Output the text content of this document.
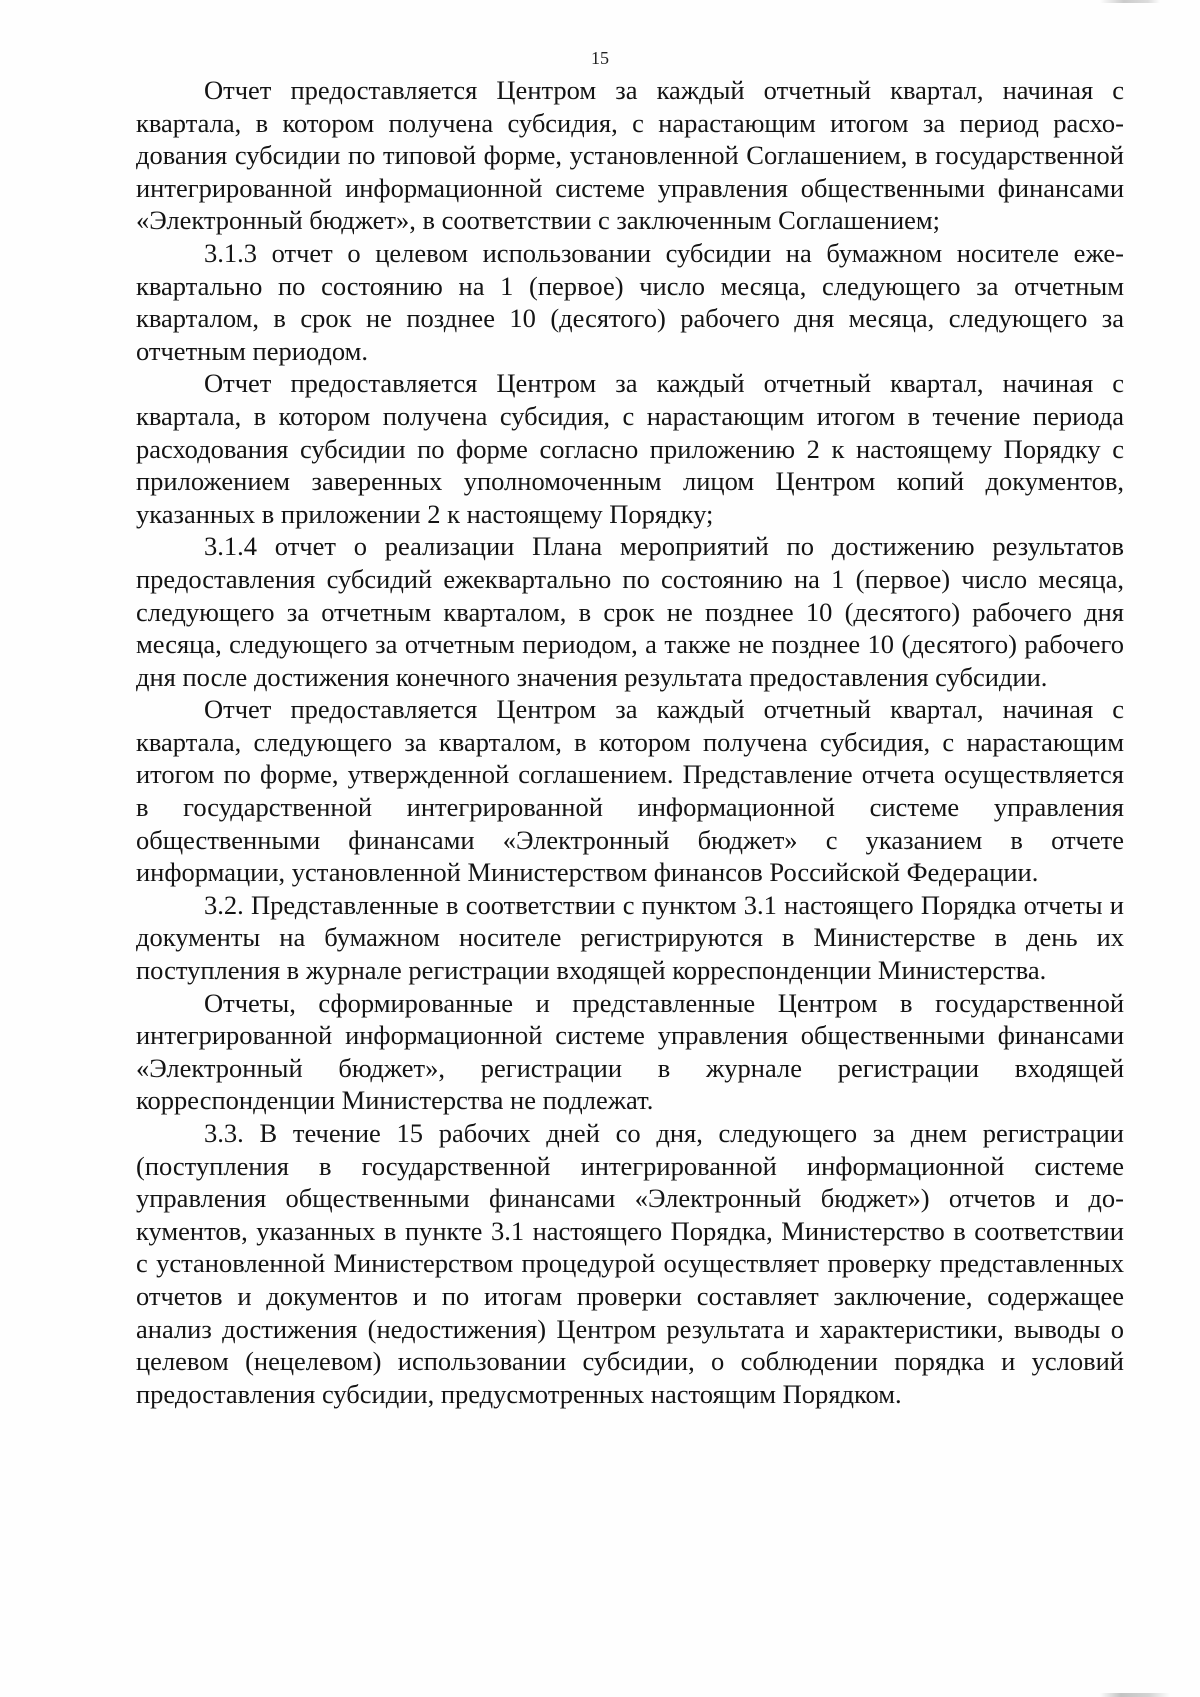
15

Отчет предоставляется Центром за каждый отчетный квартал, начиная с квартала, в котором получена субсидия, с нарастающим итогом за период расходования субсидии по типовой форме, установленной Соглашением, в государственной интегрированной информационной системе управления общественными финансами «Электронный бюджет», в соответствии с заключенным Соглашением;

3.1.3 отчет о целевом использовании субсидии на бумажном носителе ежеквартально по состоянию на 1 (первое) число месяца, следующего за отчетным кварталом, в срок не позднее 10 (десятого) рабочего дня месяца, следующего за отчетным периодом.

Отчет предоставляется Центром за каждый отчетный квартал, начиная с квартала, в котором получена субсидия, с нарастающим итогом в течение периода расходования субсидии по форме согласно приложению 2 к настоящему Порядку с приложением заверенных уполномоченным лицом Центром копий документов, указанных в приложении 2 к настоящему Порядку;

3.1.4 отчет о реализации Плана мероприятий по достижению результатов предоставления субсидий ежеквартально по состоянию на 1 (первое) число месяца, следующего за отчетным кварталом, в срок не позднее 10 (десятого) рабочего дня месяца, следующего за отчетным периодом, а также не позднее 10 (десятого) рабочего дня после достижения конечного значения результата предоставления субсидии.

Отчет предоставляется Центром за каждый отчетный квартал, начиная с квартала, следующего за кварталом, в котором получена субсидия, с нарастающим итогом по форме, утвержденной соглашением. Представление отчета осуществляется в государственной интегрированной информационной системе управления общественными финансами «Электронный бюджет» с указанием в отчете информации, установленной Министерством финансов Российской Федерации.

3.2. Представленные в соответствии с пунктом 3.1 настоящего Порядка отчеты и документы на бумажном носителе регистрируются в Министерстве в день их поступления в журнале регистрации входящей корреспонденции Министерства.

Отчеты, сформированные и представленные Центром в государственной интегрированной информационной системе управления общественными финансами «Электронный бюджет», регистрации в журнале регистрации входящей корреспонденции Министерства не подлежат.

3.3. В течение 15 рабочих дней со дня, следующего за днем регистрации (поступления в государственной интегрированной информационной системе управления общественными финансами «Электронный бюджет») отчетов и документов, указанных в пункте 3.1 настоящего Порядка, Министерство в соответствии с установленной Министерством процедурой осуществляет проверку представленных отчетов и документов и по итогам проверки составляет заключение, содержащее анализ достижения (недостижения) Центром результата и характеристики, выводы о целевом (нецелевом) использовании субсидии, о соблюдении порядка и условий предоставления субсидии, предусмотренных настоящим Порядком.
